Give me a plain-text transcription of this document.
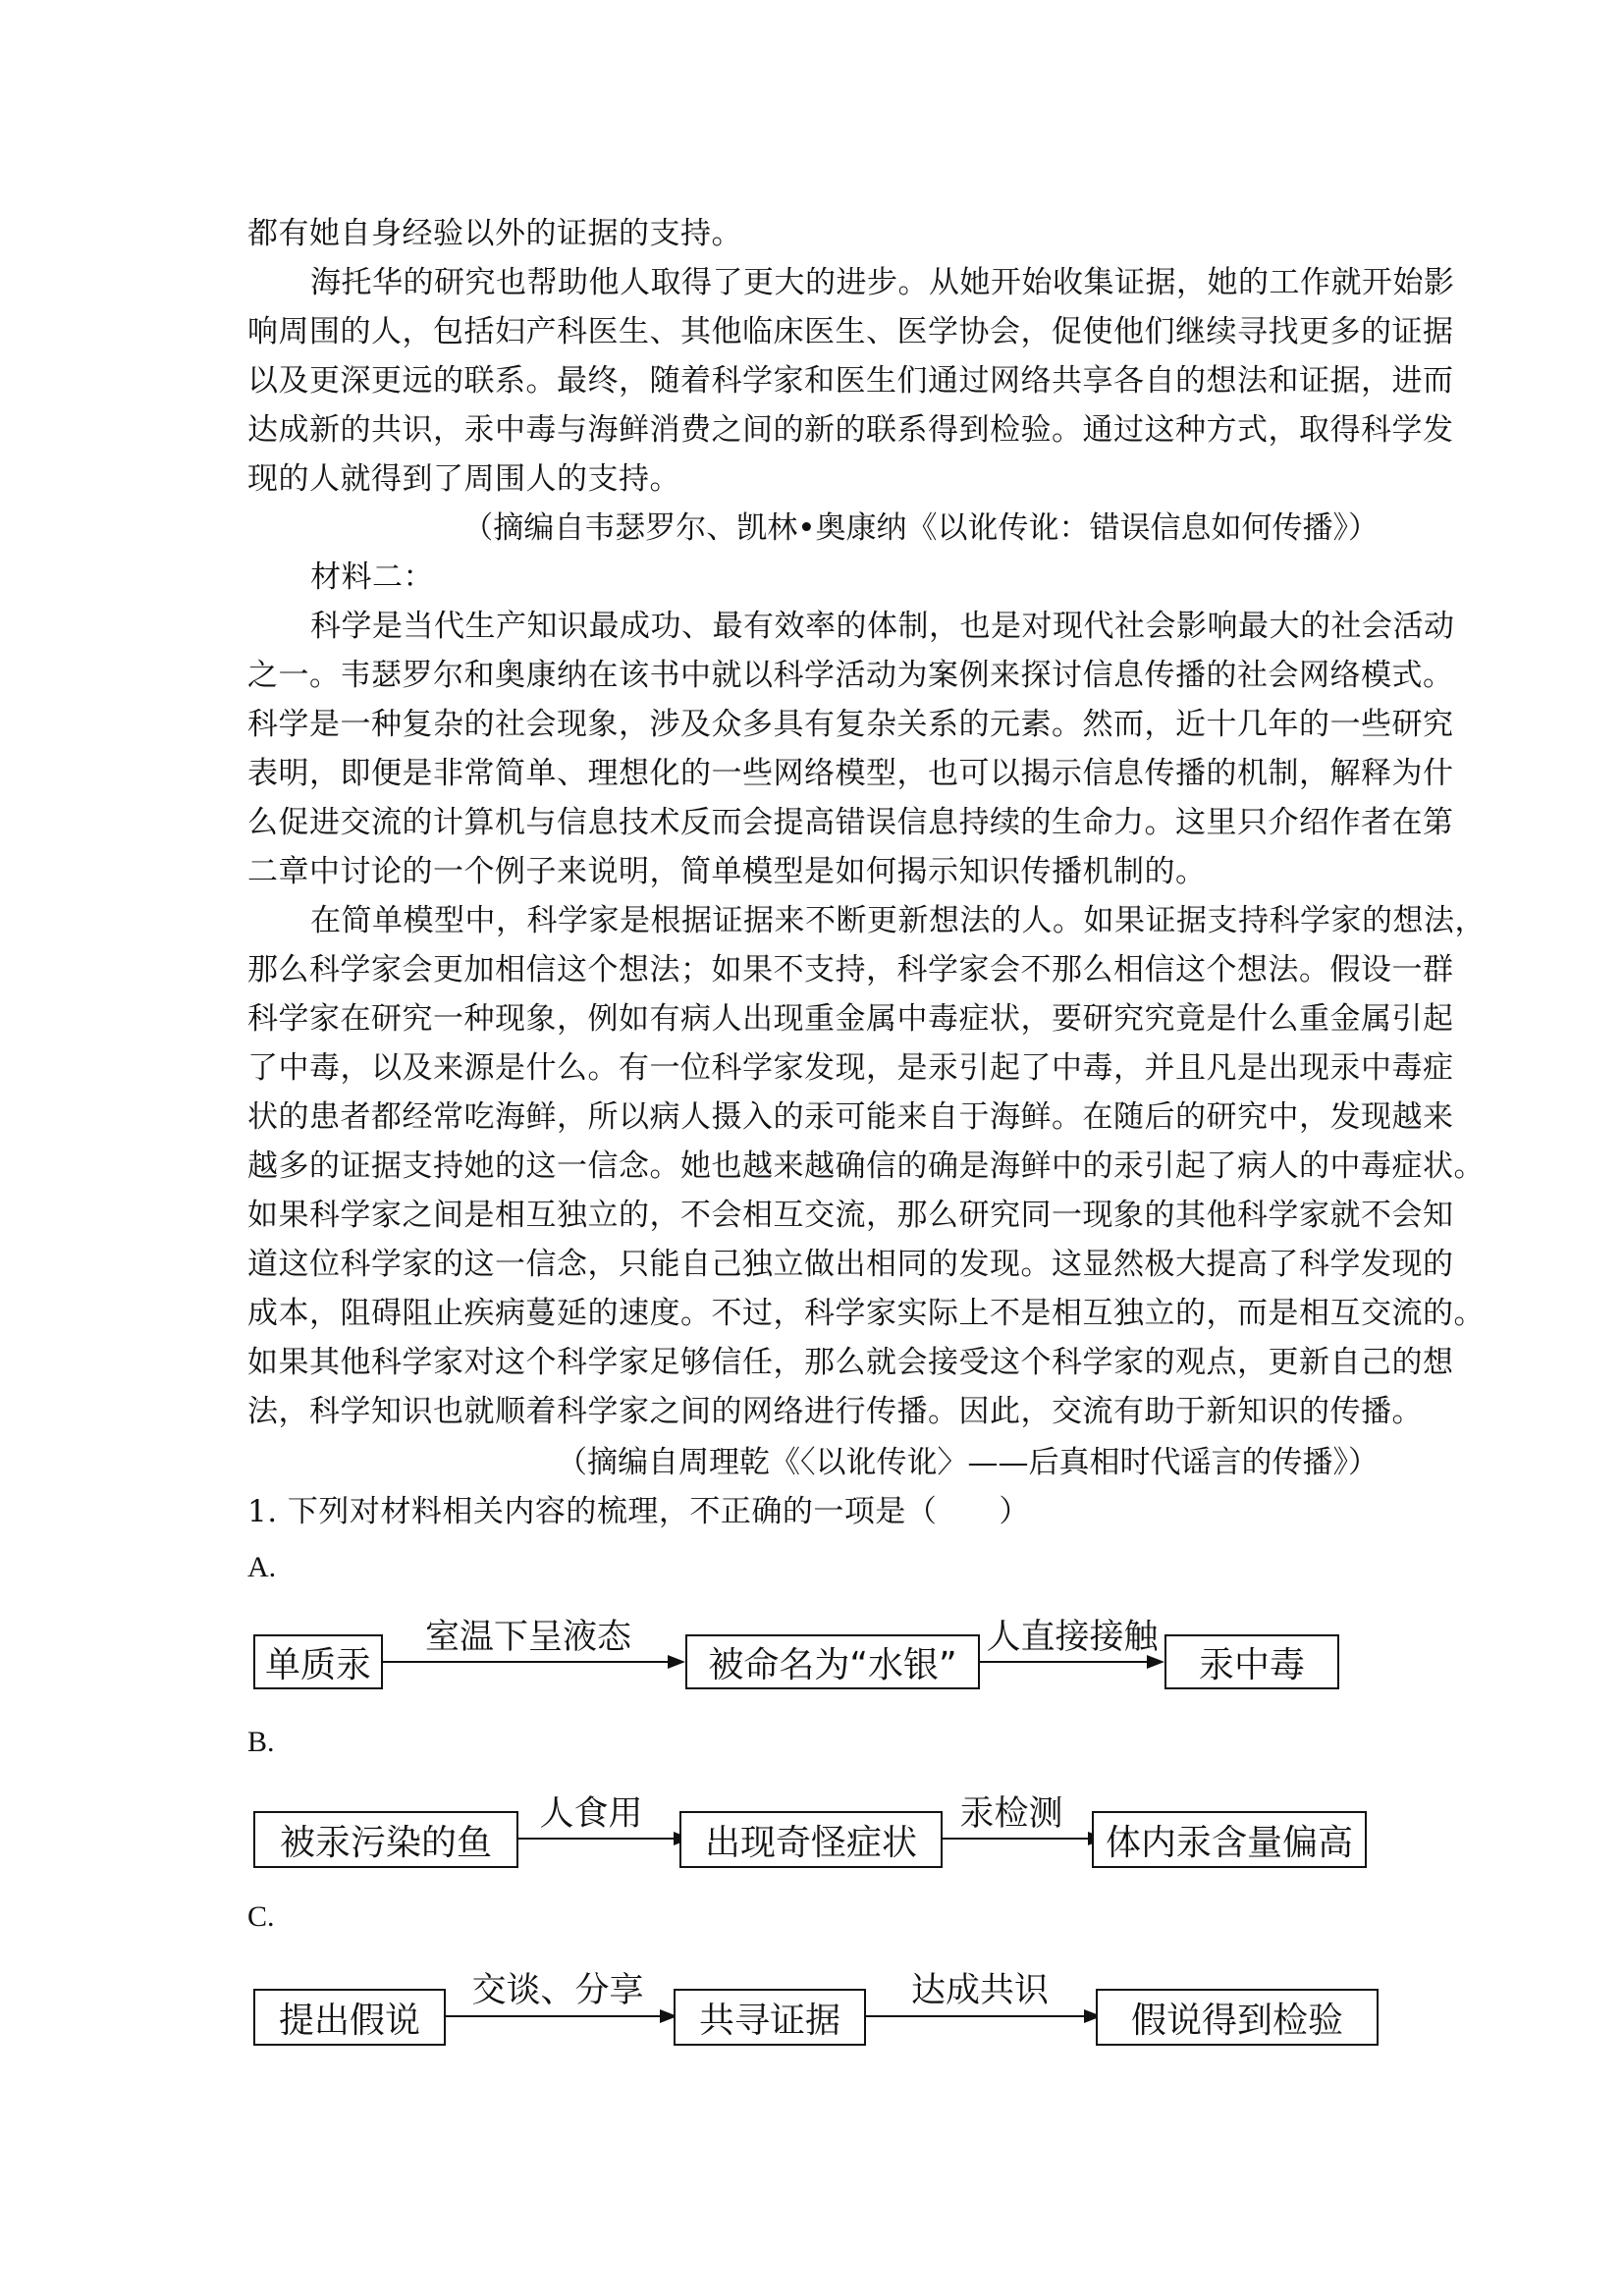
都有她自身经验以外的证据的支持。
海托华的研究也帮助他人取得了更大的进步。从她开始收集证据，她的工作就开始影
响周围的人，包括妇产科医生、其他临床医生、医学协会，促使他们继续寻找更多的证据
以及更深更远的联系。最终，随着科学家和医生们通过网络共享各自的想法和证据，进而
达成新的共识，汞中毒与海鲜消费之间的新的联系得到检验。通过这种方式，取得科学发
现的人就得到了周围人的支持。
（摘编自韦瑟罗尔、凯林•奥康纳《以讹传讹：错误信息如何传播》）
材料二：
科学是当代生产知识最成功、最有效率的体制，也是对现代社会影响最大的社会活动
之一。韦瑟罗尔和奥康纳在该书中就以科学活动为案例来探讨信息传播的社会网络模式。
科学是一种复杂的社会现象，涉及众多具有复杂关系的元素。然而，近十几年的一些研究
表明，即便是非常简单、理想化的一些网络模型，也可以揭示信息传播的机制，解释为什
么促进交流的计算机与信息技术反而会提高错误信息持续的生命力。这里只介绍作者在第
二章中讨论的一个例子来说明，简单模型是如何揭示知识传播机制的。
在简单模型中，科学家是根据证据来不断更新想法的人。如果证据支持科学家的想法，
那么科学家会更加相信这个想法；如果不支持，科学家会不那么相信这个想法。假设一群
科学家在研究一种现象，例如有病人出现重金属中毒症状，要研究究竟是什么重金属引起
了中毒，以及来源是什么。有一位科学家发现，是汞引起了中毒，并且凡是出现汞中毒症
状的患者都经常吃海鲜，所以病人摄入的汞可能来自于海鲜。在随后的研究中，发现越来
越多的证据支持她的这一信念。她也越来越确信的确是海鲜中的汞引起了病人的中毒症状。
如果科学家之间是相互独立的，不会相互交流，那么研究同一现象的其他科学家就不会知
道这位科学家的这一信念，只能自己独立做出相同的发现。这显然极大提高了科学发现的
成本，阻碍阻止疾病蔓延的速度。不过，科学家实际上不是相互独立的，而是相互交流的。
如果其他科学家对这个科学家足够信任，那么就会接受这个科学家的观点，更新自己的想
法，科学知识也就顺着科学家之间的网络进行传播。因此，交流有助于新知识的传播。
（摘编自周理乾《〈以讹传讹〉——后真相时代谣言的传播》）
1. 下列对材料相关内容的梳理，不正确的一项是（　　）
A.
单质汞
室温下呈液态
被命名为“水银”
人直接接触
汞中毒
B.
被汞污染的鱼
人食用
出现奇怪症状
汞检测
体内汞含量偏高
C.
提出假说
交谈、分享
共寻证据
达成共识
假说得到检验
